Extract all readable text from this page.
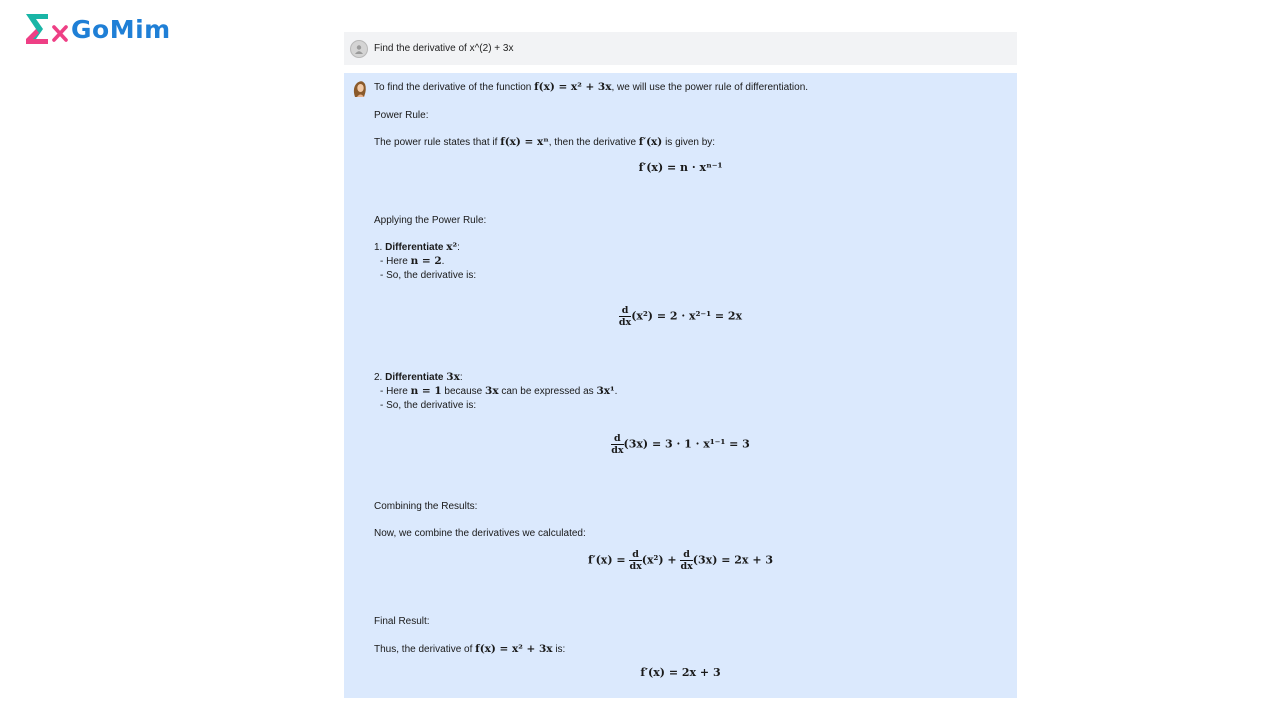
GoMim
Find the derivative of x^(2) + 3x
To find the derivative of the function f(x) = x² + 3x, we will use the power rule of differentiation.
Power Rule:
The power rule states that if f(x) = xⁿ, then the derivative f′(x) is given by:
f′(x) = n · xⁿ⁻¹
Applying the Power Rule:
1. Differentiate x²:
- Here n = 2.
- So, the derivative is:
$\frac{d}{dx} (x^2) = 2 \cdot x^{2-1} = 2x$
2. Differentiate 3x:
- Here n = 1 because 3x can be expressed as 3x¹.
- So, the derivative is:
$\frac{d}{dx} (3x) = 3 \cdot 1 \cdot x^{1-1} = 3$
Combining the Results:
Now, we combine the derivatives we calculated:
$f'(x) = \frac{d}{dx} (x^2) + \frac{d}{dx} (3x) = 2x + 3$
Final Result:
Thus, the derivative of f(x) = x² + 3x is:
f′(x) = 2x + 3
